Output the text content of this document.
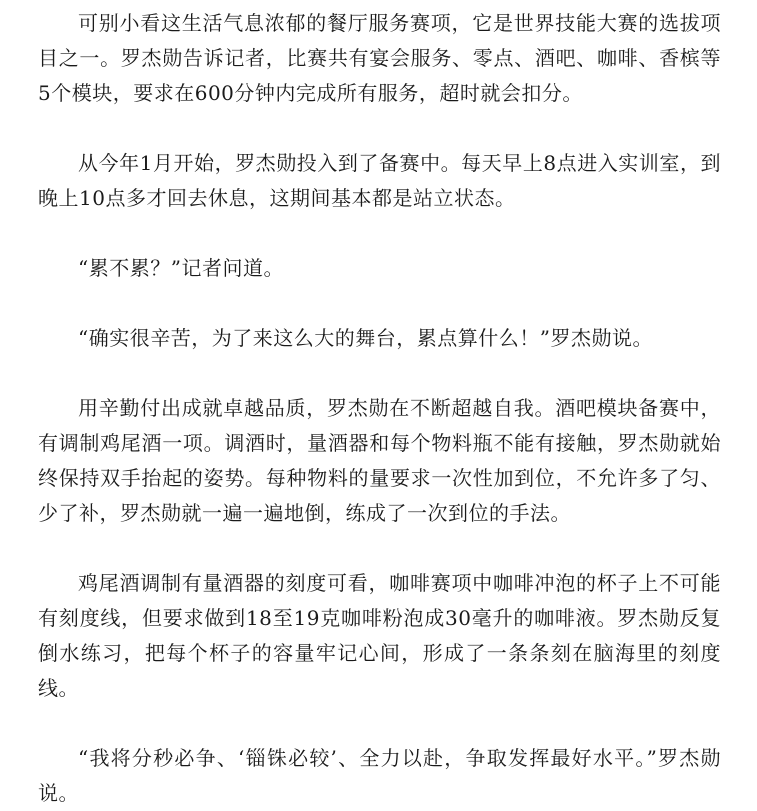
可别小看这生活气息浓郁的餐厅服务赛项，它是世界技能大赛的选拔项目之一。罗杰勋告诉记者，比赛共有宴会服务、零点、酒吧、咖啡、香槟等5个模块，要求在600分钟内完成所有服务，超时就会扣分。

从今年1月开始，罗杰勋投入到了备赛中。每天早上8点进入实训室，到晚上10点多才回去休息，这期间基本都是站立状态。

“累不累？”记者问道。

“确实很辛苦，为了来这么大的舞台，累点算什么！”罗杰勋说。

用辛勤付出成就卓越品质，罗杰勋在不断超越自我。酒吧模块备赛中，有调制鸡尾酒一项。调酒时，量酒器和每个物料瓶不能有接触，罗杰勋就始终保持双手抬起的姿势。每种物料的量要求一次性加到位，不允许多了匀、少了补，罗杰勋就一遍一遍地倒，练成了一次到位的手法。

鸡尾酒调制有量酒器的刻度可看，咖啡赛项中咖啡冲泡的杯子上不可能有刻度线，但要求做到18至19克咖啡粉泡成30毫升的咖啡液。罗杰勋反复倒水练习，把每个杯子的容量牢记心间，形成了一条条刻在脑海里的刻度线。

“我将分秒必争、‘锱铢必较’、全力以赴，争取发挥最好水平。”罗杰勋说。
